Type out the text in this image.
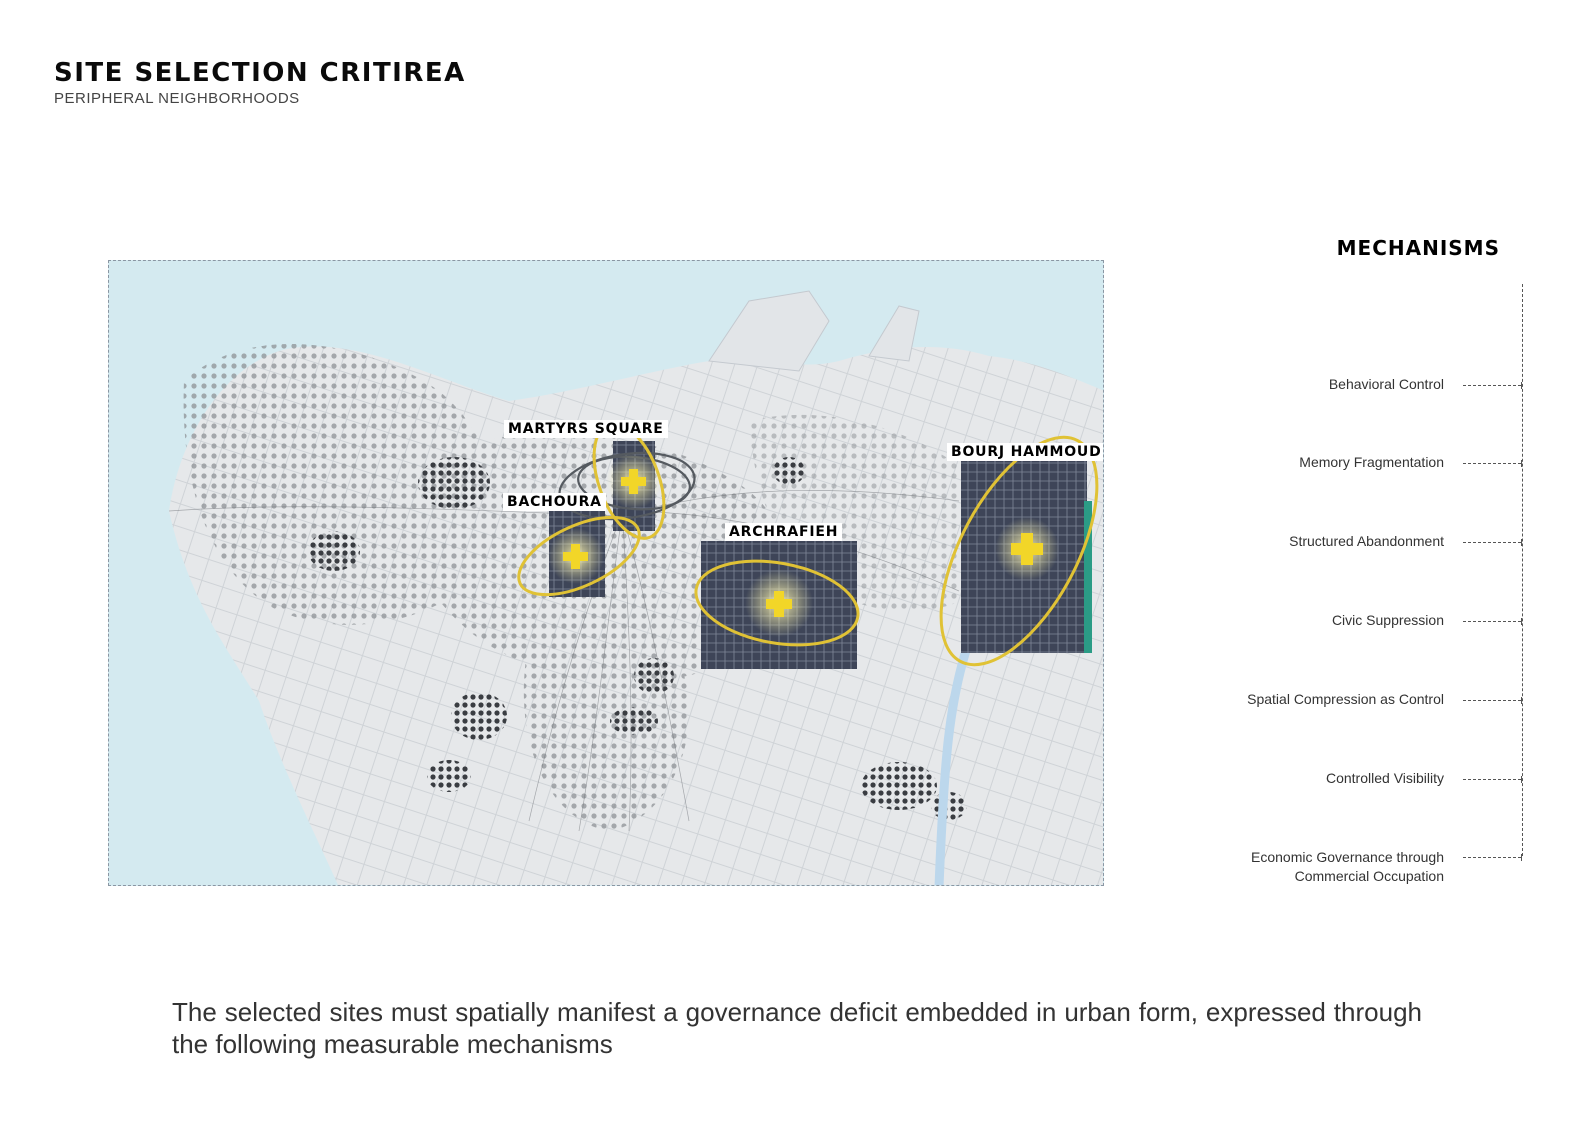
SITE SELECTION CRITIREA
PERIPHERAL NEIGHBORHOODS
MARTYRS SQUARE
BACHOURA
ARCHRAFIEH
BOURJ HAMMOUD
MECHANISMS
Behavioral Control
Memory Fragmentation
Structured Abandonment
Civic Suppression
Spatial Compression as Control
Controlled Visibility
Economic Governance through Commercial Occupation

The selected sites must spatially manifest a governance deficit embedded in urban form, expressed through the following measurable mechanisms
